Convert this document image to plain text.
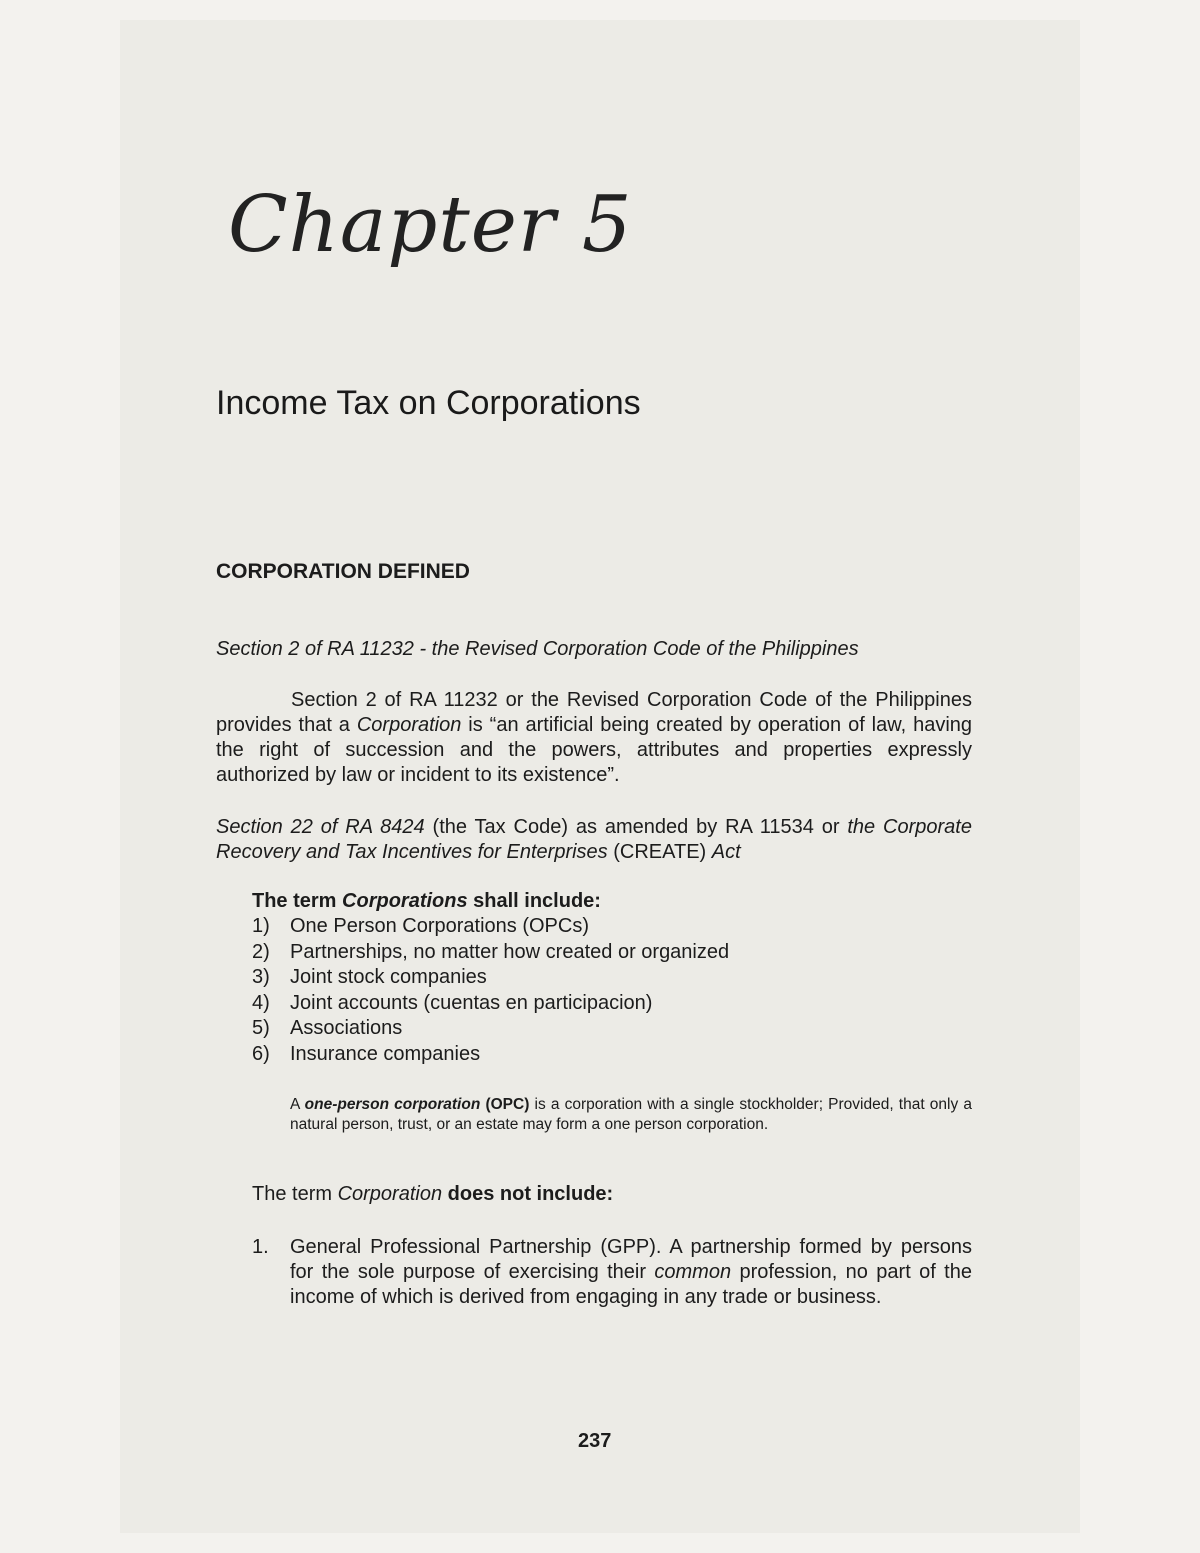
Chapter 5
Income Tax on Corporations
CORPORATION DEFINED
Section 2 of RA 11232 - the Revised Corporation Code of the Philippines

Section 2 of RA 11232 or the Revised Corporation Code of the Philippines provides that a Corporation is “an artificial being created by operation of law, having the right of succession and the powers, attributes and properties expressly authorized by law or incident to its existence”.

Section 22 of RA 8424 (the Tax Code) as amended by RA 11534 or the Corporate Recovery and Tax Incentives for Enterprises (CREATE) Act
The term Corporations shall include:
1)	One Person Corporations (OPCs)
2)	Partnerships, no matter how created or organized
3)	Joint stock companies
4)	Joint accounts (cuentas en participacion)
5)	Associations
6)	Insurance companies
A one-person corporation (OPC) is a corporation with a single stockholder; Provided, that only a natural person, trust, or an estate may form a one person corporation.
The term Corporation does not include:
1.	General Professional Partnership (GPP). A partnership formed by persons for the sole purpose of exercising their common profession, no part of the income of which is derived from engaging in any trade or business.
237
